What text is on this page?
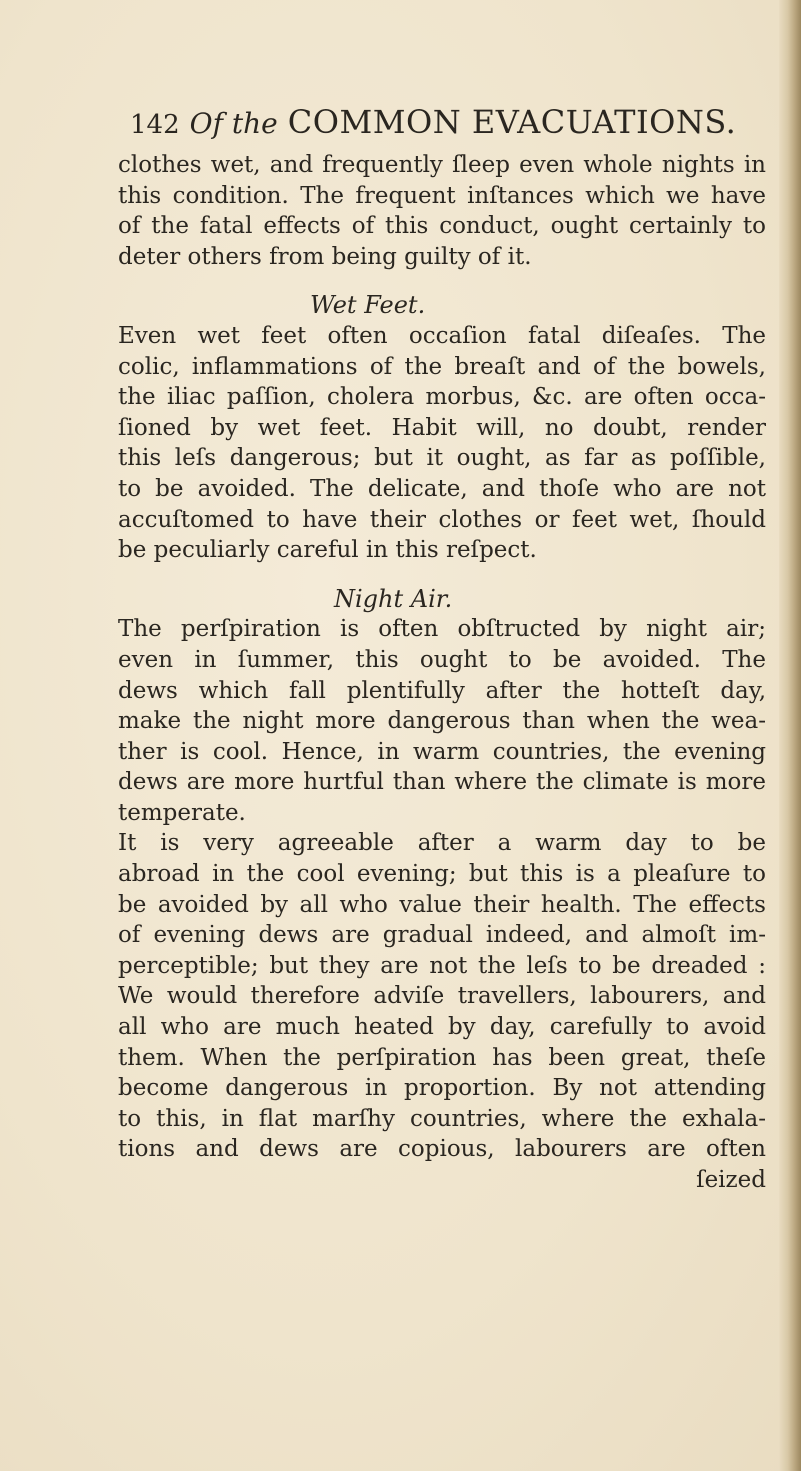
142 Of the COMMON EVACUATIONS.
clothes wet, and frequently ſleep even whole nights in
this condition. The frequent inſtances which we have
of the fatal effects of this conduct, ought certainly to
deter others from being guilty of it.
Wet Feet.
Even wet feet often occaſion fatal diſeaſes. The
colic, inflammations of the breaſt and of the bowels,
the iliac paſſion, cholera morbus, &c. are often occa-
ſioned by wet feet. Habit will, no doubt, render
this leſs dangerous; but it ought, as far as poſſible,
to be avoided. The delicate, and thoſe who are not
accuſtomed to have their clothes or feet wet, ſhould
be peculiarly careful in this reſpect.
Night Air.
The perſpiration is often obſtructed by night air;
even in ſummer, this ought to be avoided. The
dews which fall plentifully after the hotteſt day,
make the night more dangerous than when the wea-
ther is cool. Hence, in warm countries, the evening
dews are more hurtful than where the climate is more
temperate.
It is very agreeable after a warm day to be
abroad in the cool evening; but this is a pleaſure to
be avoided by all who value their health. The effects
of evening dews are gradual indeed, and almoſt im-
perceptible; but they are not the leſs to be dreaded :
We would therefore adviſe travellers, labourers, and
all who are much heated by day, carefully to avoid
them. When the perſpiration has been great, theſe
become dangerous in proportion. By not attending
to this, in flat marſhy countries, where the exhala-
tions and dews are copious, labourers are often
ſeized
